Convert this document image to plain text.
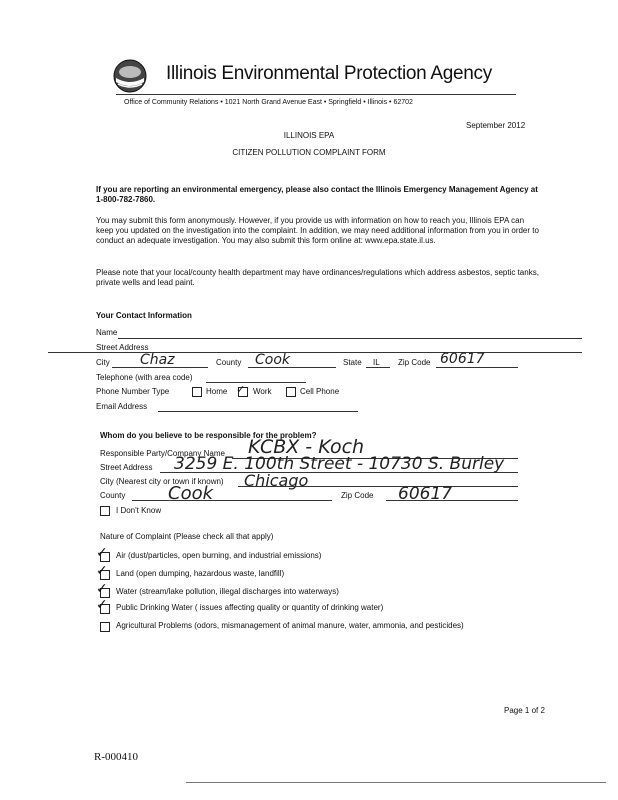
Illinois Environmental Protection Agency
Office of Community Relations • 1021 North Grand Avenue East • Springfield • Illinois • 62702
September 2012
ILLINOIS EPA
CITIZEN POLLUTION COMPLAINT FORM
If you are reporting an environmental emergency, please also contact the Illinois Emergency Management Agency at 1-800-782-7860.
You may submit this form anonymously. However, if you provide us with information on how to reach you, Illinois EPA can keep you updated on the investigation into the complaint. In addition, we may need additional information from you in order to conduct an adequate investigation. You may also submit this form online at: www.epa.state.il.us.
Please note that your local/county health department may have ordinances/regulations which address asbestos, septic tanks, private wells and lead paint.
Your Contact Information
Name
Street Address
City Chaz	County Cook	State IL Zip Code 60617
Telephone (with area code)
Phone Number Type	Home ✓ Work	Cell Phone
Email Address
Whom do you believe to be responsible for the problem?
Responsible Party/Company Name KCBX - Koch
Street Address 3259 E. 100th Street - 10730 S. Burley
City (Nearest city or town if known) Chicago
County Cook	Zip Code 60617
I Don't Know
Nature of Complaint (Please check all that apply)
✓ Air (dust/particles, open burning, and industrial emissions)
✓ Land (open dumping, hazardous waste, landfill)
✓ Water (stream/lake pollution, illegal discharges into waterways)
✓ Public Drinking Water ( issues affecting quality or quantity of drinking water)
Agricultural Problems (odors, mismanagement of animal manure, water, ammonia, and pesticides)
Page 1 of 2
R-000410
